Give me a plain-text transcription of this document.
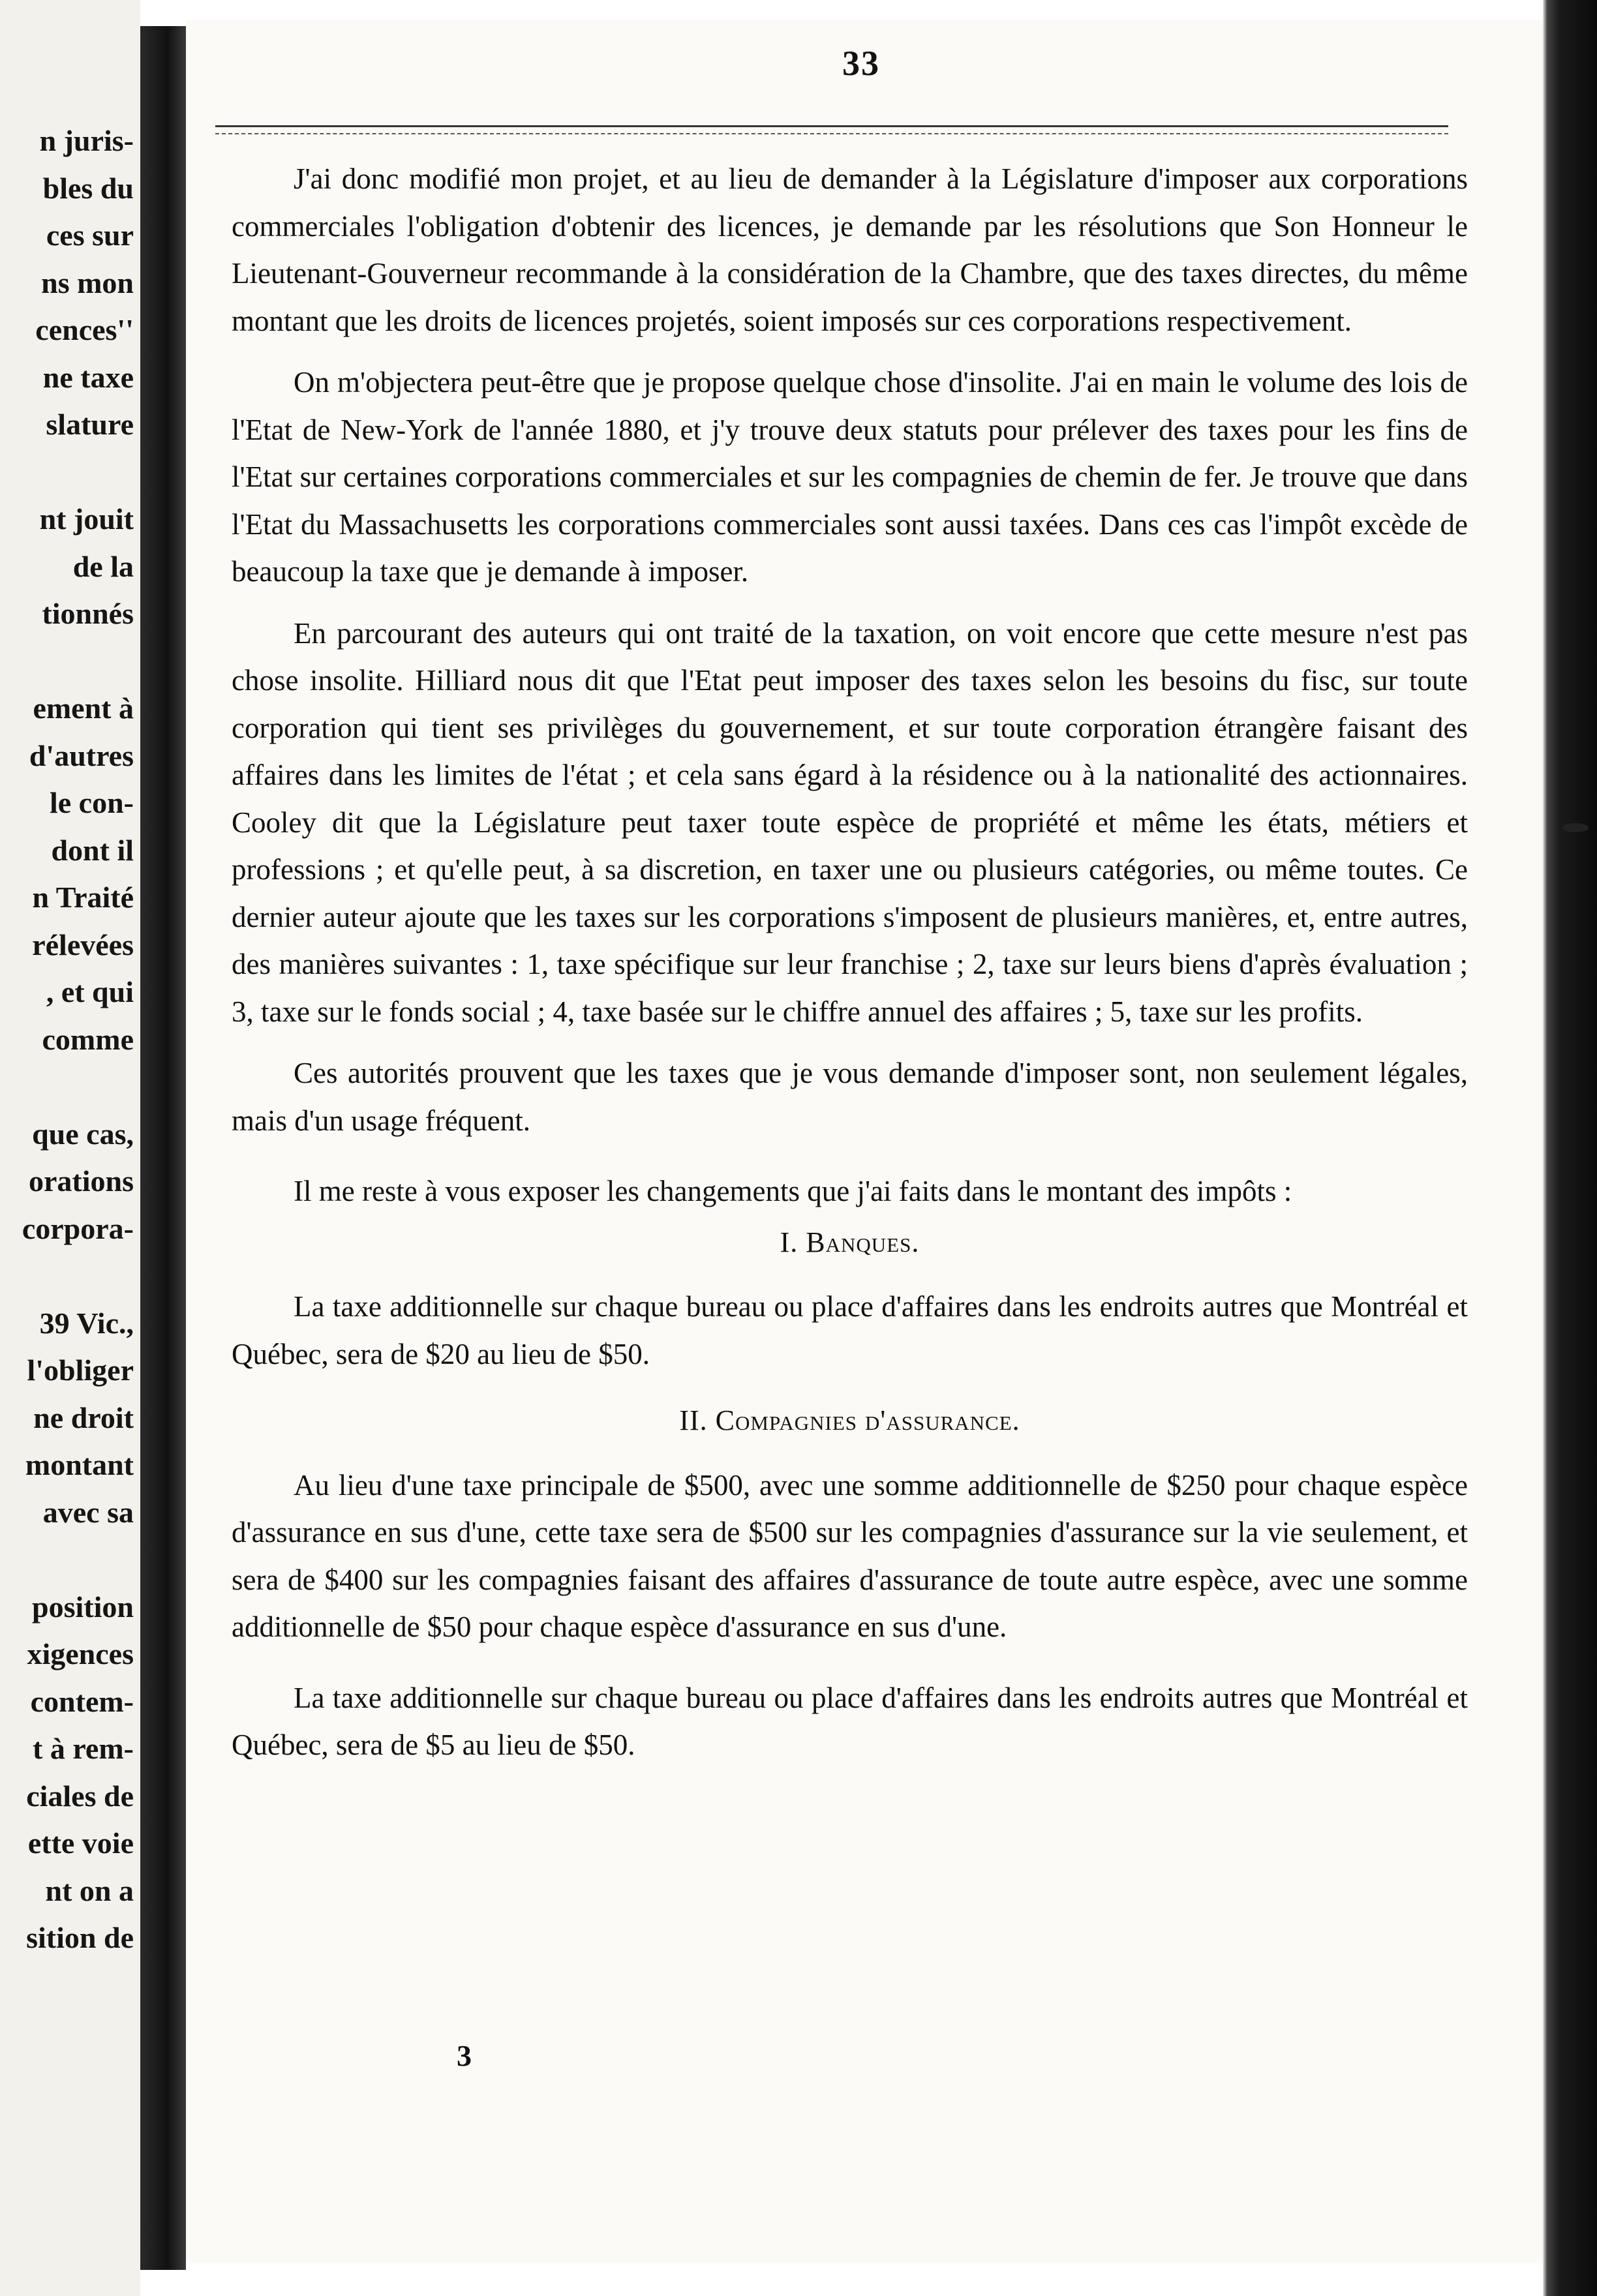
n juris-
bles du
ces sur
ns mon
cences''
ne taxe
slature
nt jouit
de la
tionnés
ement à
d'autres
le con-
dont il
n Traité
rélevées
, et qui
comme
que cas,
orations
corpora-
39 Vic.,
l'obliger
ne droit
montant
avec sa
position
xigences
contem-
t à rem-
ciales de
ette voie
nt on a
sition de
33

J'ai donc modifié mon projet, et au lieu de demander à la Législature d'imposer aux corporations commerciales l'obligation d'obtenir des licences, je demande par les résolutions que Son Honneur le Lieutenant-Gouverneur recommande à la considération de la Chambre, que des taxes directes, du même montant que les droits de licences projetés, soient imposés sur ces corporations respectivement.

On m'objectera peut-être que je propose quelque chose d'insolite. J'ai en main le volume des lois de l'Etat de New-York de l'année 1880, et j'y trouve deux statuts pour prélever des taxes pour les fins de l'Etat sur certaines corporations commerciales et sur les compagnies de chemin de fer. Je trouve que dans l'Etat du Massachusetts les corporations commerciales sont aussi taxées. Dans ces cas l'impôt excède de beaucoup la taxe que je demande à imposer.

En parcourant des auteurs qui ont traité de la taxation, on voit encore que cette mesure n'est pas chose insolite. Hilliard nous dit que l'Etat peut imposer des taxes selon les besoins du fisc, sur toute corporation qui tient ses privilèges du gouvernement, et sur toute corporation étrangère faisant des affaires dans les limites de l'état ; et cela sans égard à la résidence ou à la nationalité des actionnaires. Cooley dit que la Législature peut taxer toute espèce de propriété et même les états, métiers et professions ; et qu'elle peut, à sa discretion, en taxer une ou plusieurs catégories, ou même toutes. Ce dernier auteur ajoute que les taxes sur les corporations s'imposent de plusieurs manières, et, entre autres, des manières suivantes : 1, taxe spécifique sur leur franchise ; 2, taxe sur leurs biens d'après évaluation ; 3, taxe sur le fonds social ; 4, taxe basée sur le chiffre annuel des affaires ; 5, taxe sur les profits.

Ces autorités prouvent que les taxes que je vous demande d'imposer sont, non seulement légales, mais d'un usage fréquent.

Il me reste à vous exposer les changements que j'ai faits dans le montant des impôts :

I. Banques.

La taxe additionnelle sur chaque bureau ou place d'affaires dans les endroits autres que Montréal et Québec, sera de $20 au lieu de $50.

II. Compagnies d'assurance.

Au lieu d'une taxe principale de $500, avec une somme additionnelle de $250 pour chaque espèce d'assurance en sus d'une, cette taxe sera de $500 sur les compagnies d'assurance sur la vie seulement, et sera de $400 sur les compagnies faisant des affaires d'assurance de toute autre espèce, avec une somme additionnelle de $50 pour chaque espèce d'assurance en sus d'une.

La taxe additionnelle sur chaque bureau ou place d'affaires dans les endroits autres que Montréal et Québec, sera de $5 au lieu de $50.

3
